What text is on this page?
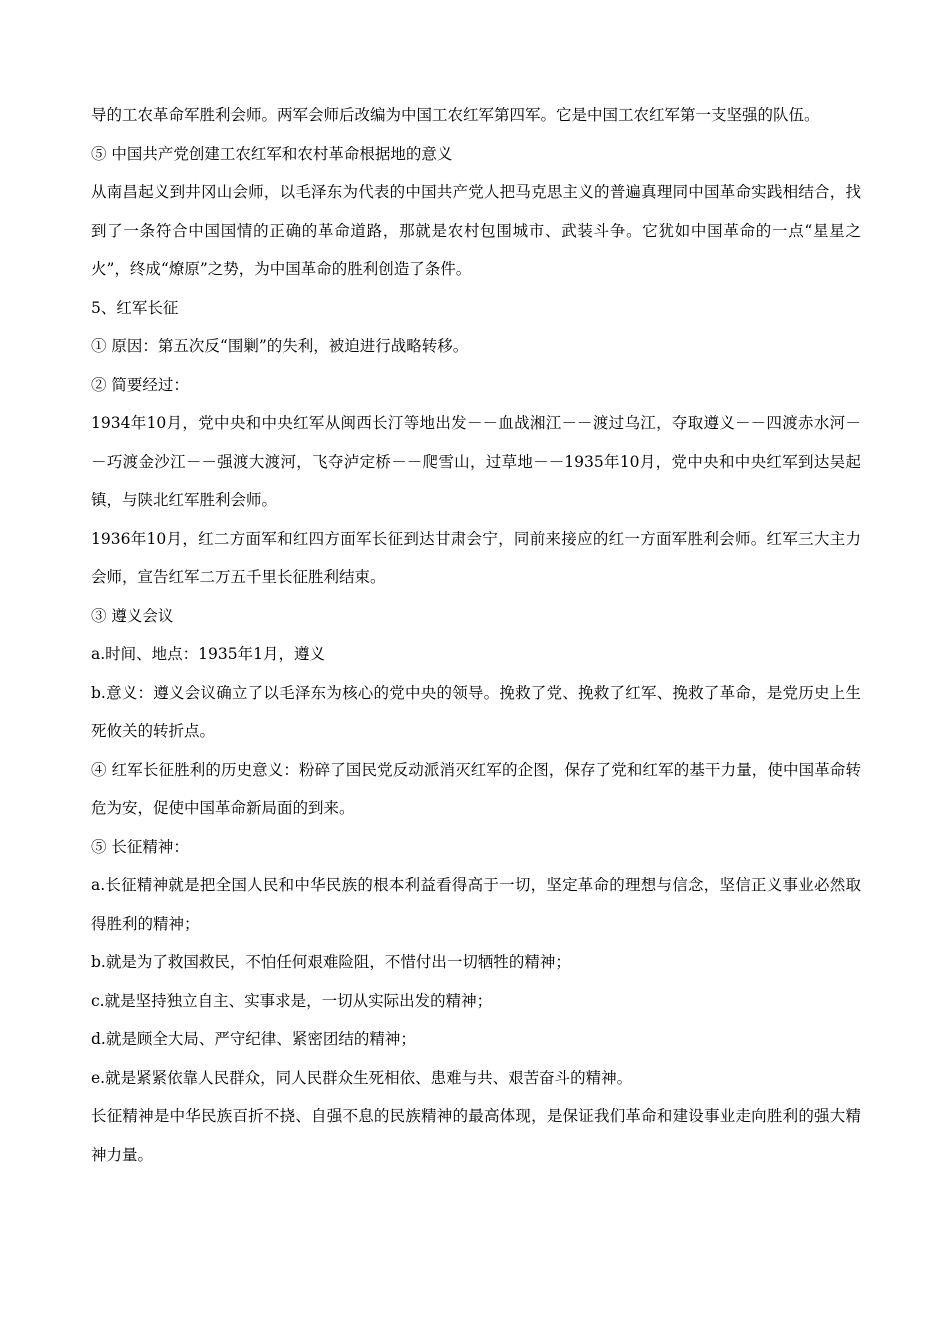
导的工农革命军胜利会师。两军会师后改编为中国工农红军第四军。它是中国工农红军第一支坚强的队伍。

⑤ 中国共产党创建工农红军和农村革命根据地的意义

从南昌起义到井冈山会师，以毛泽东为代表的中国共产党人把马克思主义的普遍真理同中国革命实践相结合，找到了一条符合中国国情的正确的革命道路，那就是农村包围城市、武装斗争。它犹如中国革命的一点“星星之火”，终成“燎原”之势，为中国革命的胜利创造了条件。

5、红军长征

① 原因：第五次反“围剿”的失利，被迫进行战略转移。

② 简要经过：

1934年10月，党中央和中央红军从闽西长汀等地出发－－血战湘江－－渡过乌江，夺取遵义－－四渡赤水河－－巧渡金沙江－－强渡大渡河，飞夺泸定桥－－爬雪山，过草地－－1935年10月，党中央和中央红军到达吴起镇，与陕北红军胜利会师。

1936年10月，红二方面军和红四方面军长征到达甘肃会宁，同前来接应的红一方面军胜利会师。红军三大主力会师，宣告红军二万五千里长征胜利结束。

③ 遵义会议

a.时间、地点：1935年1月，遵义

b.意义：遵义会议确立了以毛泽东为核心的党中央的领导。挽救了党、挽救了红军、挽救了革命，是党历史上生死攸关的转折点。

④ 红军长征胜利的历史意义：粉碎了国民党反动派消灭红军的企图，保存了党和红军的基干力量，使中国革命转危为安，促使中国革命新局面的到来。

⑤ 长征精神：

a.长征精神就是把全国人民和中华民族的根本利益看得高于一切，坚定革命的理想与信念，坚信正义事业必然取得胜利的精神；

b.就是为了救国救民，不怕任何艰难险阻，不惜付出一切牺牲的精神；

c.就是坚持独立自主、实事求是，一切从实际出发的精神；

d.就是顾全大局、严守纪律、紧密团结的精神；

e.就是紧紧依靠人民群众，同人民群众生死相依、患难与共、艰苦奋斗的精神。

长征精神是中华民族百折不挠、自强不息的民族精神的最高体现，是保证我们革命和建设事业走向胜利的强大精神力量。
